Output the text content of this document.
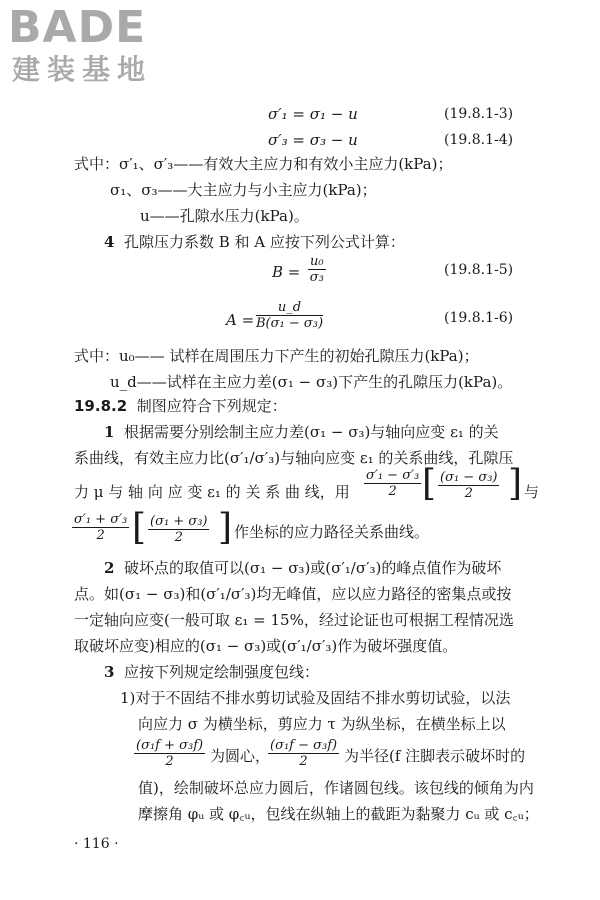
BADE
建装基地
σ′₁ = σ₁ − u	(19.8.1-3)
σ′₃ = σ₃ − u	(19.8.1-4)
式中：σ′₁、σ′₃——有效大主应力和有效小主应力(kPa)；
σ₁、σ₃——大主应力与小主应力(kPa)；
u——孔隙水压力(kPa)。
4 孔隙压力系数 B 和 A 应按下列公式计算：
$B = \frac{\text{u₀}}{\text{σ₃}}$	(19.8.1-5)
$A = \frac{u\_d}{\text{B(σ₁ − σ₃)}}$	(19.8.1-6)
式中：u₀—— 试样在周围压力下产生的初始孔隙压力(kPa)；
u_d——试样在主应力差(σ₁ − σ₃)下产生的孔隙压力(kPa)。
19.8.2 制图应符合下列规定：
1 根据需要分别绘制主应力差(σ₁ − σ₃)与轴向应变 ε₁ 的关
系曲线，有效主应力比(σ′₁/σ′₃)与轴向应变 ε₁ 的关系曲线，孔隙压
力 μ 与 轴 向 应 变 ε₁ 的 关 系 曲 线，用	$\frac{\text{σ′₁ − σ′₃}}{2}$ [ $\frac{\text{(σ₁ − σ₃)}}{2}$ ] 与
$\frac{\text{σ′₁ + σ′₃}}{2}$ [ $\frac{\text{(σ₁ + σ₃)}}{2}$ ] 作坐标的应力路径关系曲线。
2 破坏点的取值可以(σ₁ − σ₃)或(σ′₁/σ′₃)的峰点值作为破坏
点。如(σ₁ − σ₃)和(σ′₁/σ′₃)均无峰值，应以应力路径的密集点或按
一定轴向应变(一般可取 ε₁ = 15%，经过论证也可根据工程情况选
取破坏应变)相应的(σ₁ − σ₃)或(σ′₁/σ′₃)作为破坏强度值。
3 应按下列规定绘制强度包线：
1)对于不固结不排水剪切试验及固结不排水剪切试验，以法
向应力 σ 为横坐标，剪应力 τ 为纵坐标，在横坐标上以
$\frac{\text{(σ₁f + σ₃f)}}{2}$ 为圆心，
$\frac{\text{(σ₁f − σ₃f)}}{2}$ 为半径(f 注脚表示破坏时的
值)，绘制破坏总应力圆后，作诸圆包线。该包线的倾角为内
摩擦角 φᵤ 或 φ꜀ᵤ，包线在纵轴上的截距为黏聚力 cᵤ 或 c꜀ᵤ；
· 116 ·
